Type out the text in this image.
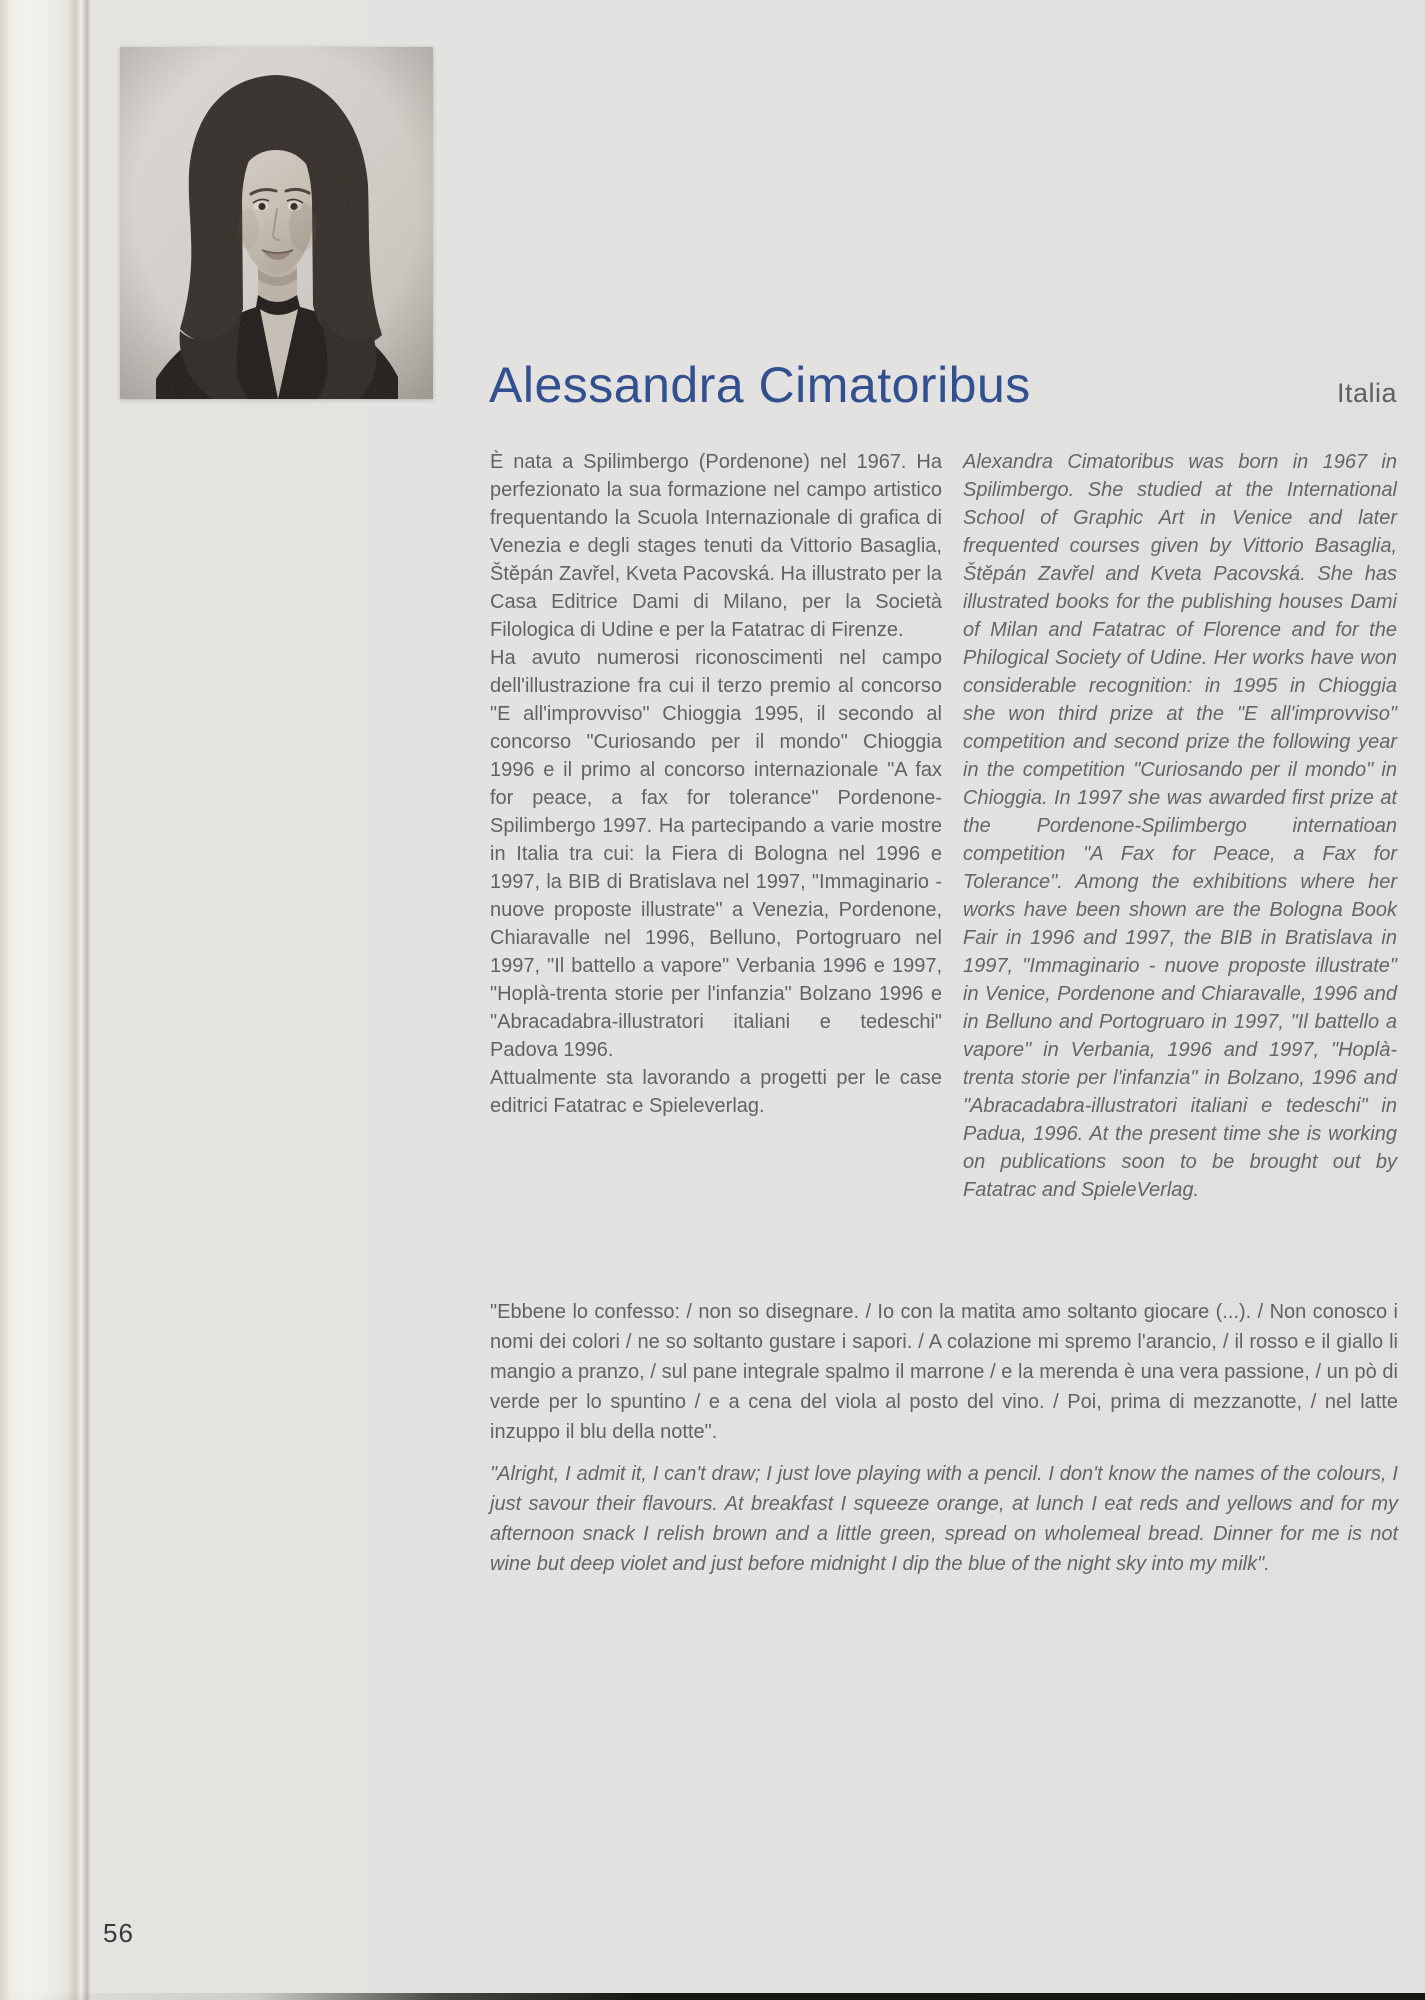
Alessandra Cimatoribus	Italia

È nata a Spilimbergo (Pordenone) nel 1967. Ha perfezionato la sua formazione nel campo artistico frequentando la Scuola Internazionale di grafica di Venezia e degli stages tenuti da Vittorio Basaglia, Štěpán Zavřel, Kveta Pacovská. Ha illustrato per la Casa Editrice Dami di Milano, per la Società Filologica di Udine e per la Fatatrac di Firenze.

Ha avuto numerosi riconoscimenti nel campo dell'illustrazione fra cui il terzo premio al concorso "E all'improvviso" Chioggia 1995, il secondo al concorso "Curiosando per il mondo" Chioggia 1996 e il primo al concorso internazionale "A fax for peace, a fax for tolerance" Pordenone-Spilimbergo 1997. Ha partecipando a varie mostre in Italia tra cui: la Fiera di Bologna nel 1996 e 1997, la BIB di Bratislava nel 1997, "Immaginario - nuove proposte illustrate" a Venezia, Pordenone, Chiaravalle nel 1996, Belluno, Portogruaro nel 1997, "Il battello a vapore" Verbania 1996 e 1997, "Hoplà-trenta storie per l'infanzia" Bolzano 1996 e "Abracadabra-illustratori italiani e tedeschi" Padova 1996.

Attualmente sta lavorando a progetti per le case editrici Fatatrac e Spieleverlag.

Alexandra Cimatoribus was born in 1967 in Spilimbergo. She studied at the International School of Graphic Art in Venice and later frequented courses given by Vittorio Basaglia, Štěpán Zavřel and Kveta Pacovská. She has illustrated books for the publishing houses Dami of Milan and Fatatrac of Florence and for the Philogical Society of Udine. Her works have won considerable recognition: in 1995 in Chioggia she won third prize at the "E all'improvviso" competition and second prize the following year in the competition "Curiosando per il mondo" in Chioggia. In 1997 she was awarded first prize at the Pordenone-Spilimbergo internatioan competition "A Fax for Peace, a Fax for Tolerance". Among the exhibitions where her works have been shown are the Bologna Book Fair in 1996 and 1997, the BIB in Bratislava in 1997, "Immaginario - nuove proposte illustrate" in Venice, Pordenone and Chiaravalle, 1996 and in Belluno and Portogruaro in 1997, "Il battello a vapore" in Verbania, 1996 and 1997, "Hoplà-trenta storie per l'infanzia" in Bolzano, 1996 and "Abracadabra-illustratori italiani e tedeschi" in Padua, 1996. At the present time she is working on publications soon to be brought out by Fatatrac and SpieleVerlag.

"Ebbene lo confesso: / non so disegnare. / Io con la matita amo soltanto giocare (...). / Non conosco i nomi dei colori / ne so soltanto gustare i sapori. / A colazione mi spremo l'arancio, / il rosso e il giallo li mangio a pranzo, / sul pane integrale spalmo il marrone / e la merenda è una vera passione, / un pò di verde per lo spuntino / e a cena del viola al posto del vino. / Poi, prima di mezzanotte, / nel latte inzuppo il blu della notte".
"Alright, I admit it, I can't draw; I just love playing with a pencil. I don't know the names of the colours, I just savour their flavours. At breakfast I squeeze orange, at lunch I eat reds and yellows and for my afternoon snack I relish brown and a little green, spread on wholemeal bread. Dinner for me is not wine but deep violet and just before midnight I dip the blue of the night sky into my milk".
56
